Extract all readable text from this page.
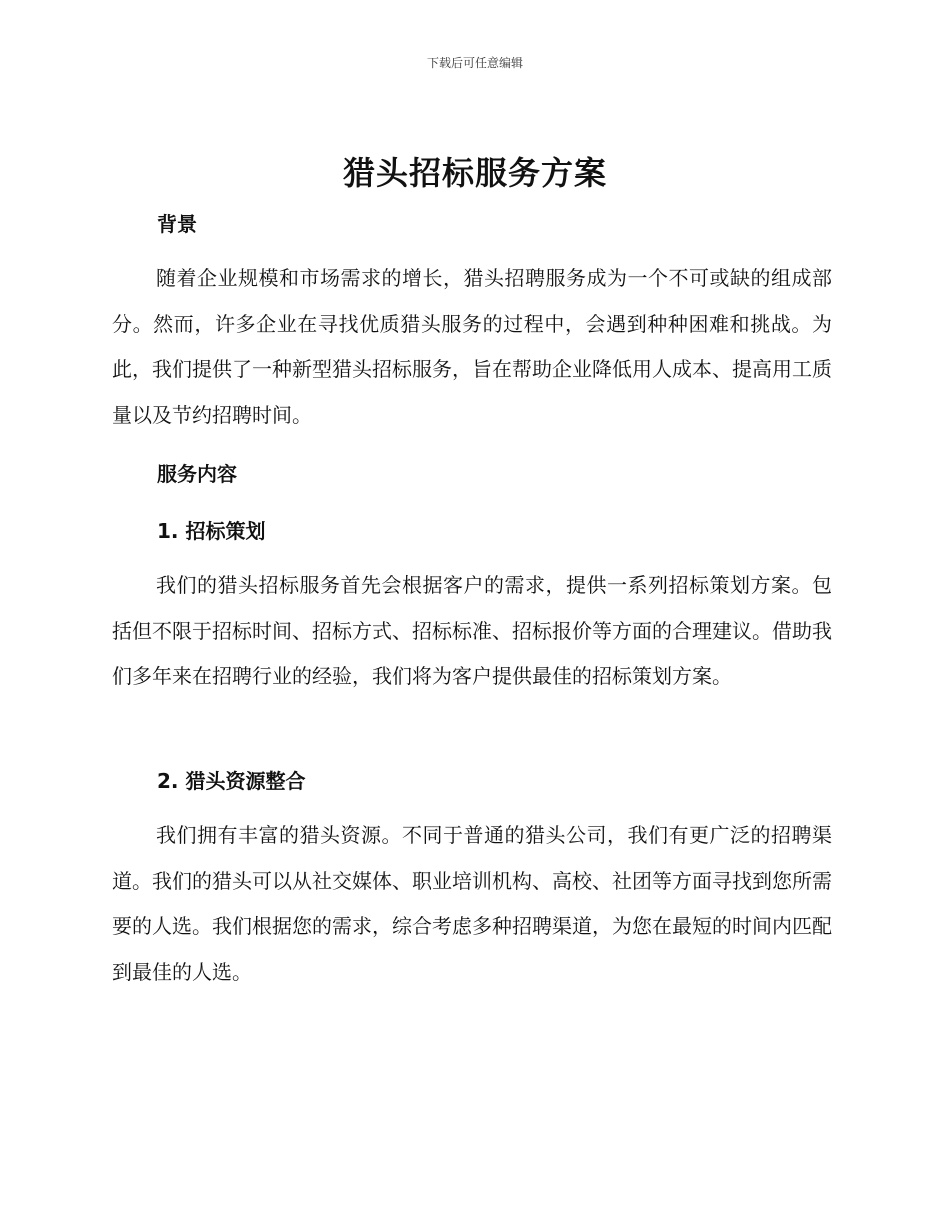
下载后可任意编辑
猎头招标服务方案
背景

随着企业规模和市场需求的增长，猎头招聘服务成为一个不可或缺的组成部分。然而，许多企业在寻找优质猎头服务的过程中，会遇到种种困难和挑战。为此，我们提供了一种新型猎头招标服务，旨在帮助企业降低用人成本、提高用工质量以及节约招聘时间。

服务内容
1. 招标策划

我们的猎头招标服务首先会根据客户的需求，提供一系列招标策划方案。包括但不限于招标时间、招标方式、招标标准、招标报价等方面的合理建议。借助我们多年来在招聘行业的经验，我们将为客户提供最佳的招标策划方案。

2. 猎头资源整合

我们拥有丰富的猎头资源。不同于普通的猎头公司，我们有更广泛的招聘渠道。我们的猎头可以从社交媒体、职业培训机构、高校、社团等方面寻找到您所需要的人选。我们根据您的需求，综合考虑多种招聘渠道，为您在最短的时间内匹配到最佳的人选。
